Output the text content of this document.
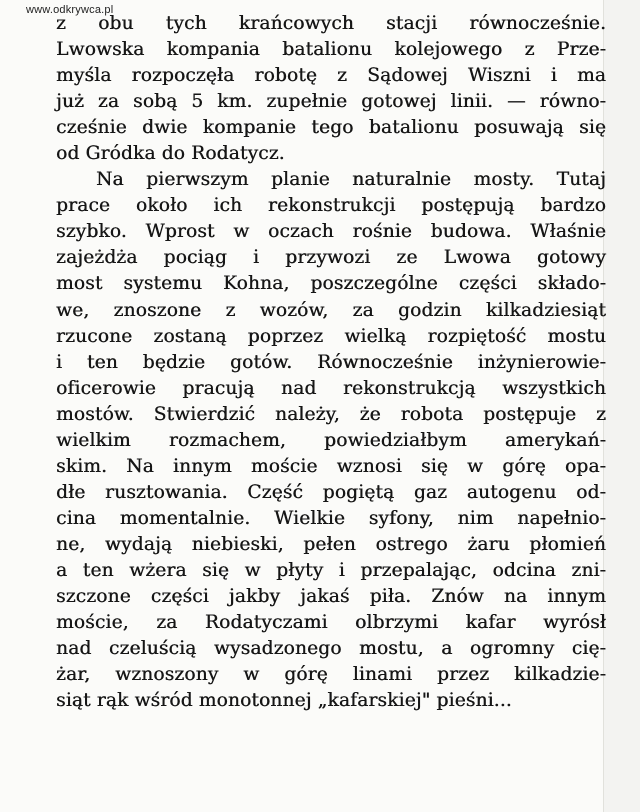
www.odkrywca.pl
z obu tych krańcowych stacji równocześnie.
Lwowska kompania batalionu kolejowego z Prze-
myśla rozpoczęła robotę z Sądowej Wiszni i ma
już za sobą 5 km. zupełnie gotowej linii. — równo-
cześnie dwie kompanie tego batalionu posuwają się
od Gródka do Rodatycz.
Na pierwszym planie naturalnie mosty. Tutaj
prace około ich rekonstrukcji postępują bardzo
szybko. Wprost w oczach rośnie budowa. Właśnie
zajeżdża pociąg i przywozi ze Lwowa gotowy
most systemu Kohna, poszczególne części składo-
we, znoszone z wozów, za godzin kilkadziesiąt
rzucone zostaną poprzez wielką rozpiętość mostu
i ten będzie gotów. Równocześnie inżynierowie-
oficerowie pracują nad rekonstrukcją wszystkich
mostów. Stwierdzić należy, że robota postępuje z
wielkim rozmachem, powiedziałbym amerykań-
skim. Na innym moście wznosi się w górę opa-
dłe rusztowania. Część pogiętą gaz autogenu od-
cina momentalnie. Wielkie syfony, nim napełnio-
ne, wydają niebieski, pełen ostrego żaru płomień
a ten wżera się w płyty i przepalając, odcina zni-
szczone części jakby jakaś piła. Znów na innym
moście, za Rodatyczami olbrzymi kafar wyrósł
nad czeluścią wysadzonego mostu, a ogromny cię-
żar, wznoszony w górę linami przez kilkadzie-
siąt rąk wśród monotonnej „kafarskiej" pieśni...
